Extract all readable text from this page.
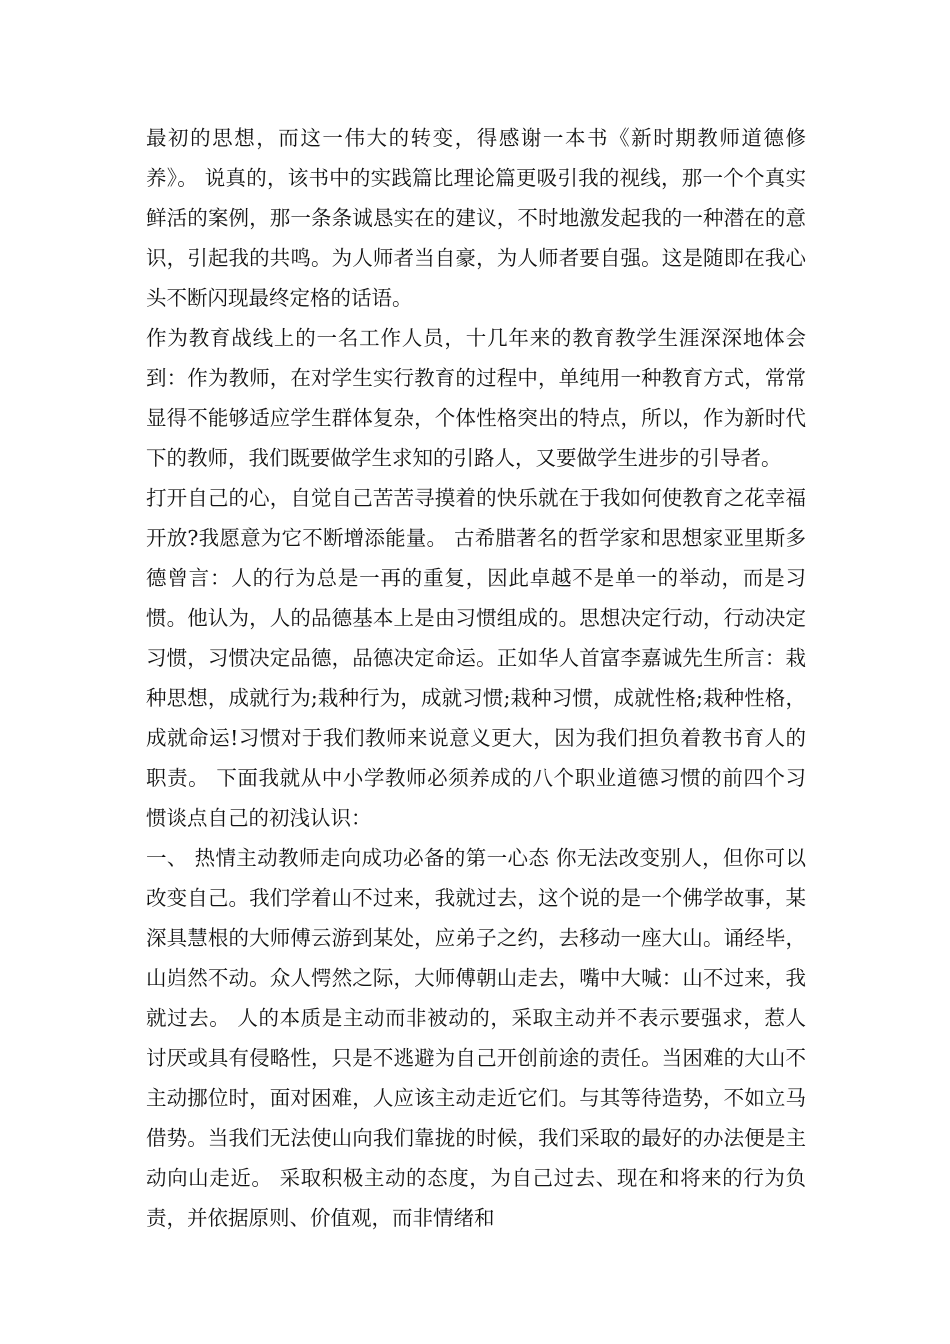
最初的思想，而这一伟大的转变，得感谢一本书《新时期教师道德修养》。 说真的，该书中的实践篇比理论篇更吸引我的视线，那一个个真实鲜活的案例，那一条条诚恳实在的建议，不时地激发起我的一种潜在的意识，引起我的共鸣。为人师者当自豪，为人师者要自强。这是随即在我心头不断闪现最终定格的话语。

作为教育战线上的一名工作人员，十几年来的教育教学生涯深深地体会到：作为教师，在对学生实行教育的过程中，单纯用一种教育方式，常常显得不能够适应学生群体复杂，个体性格突出的特点，所以，作为新时代下的教师，我们既要做学生求知的引路人，又要做学生进步的引导者。

打开自己的心，自觉自己苦苦寻摸着的快乐就在于我如何使教育之花幸福开放?我愿意为它不断增添能量。 古希腊著名的哲学家和思想家亚里斯多德曾言：人的行为总是一再的重复，因此卓越不是单一的举动，而是习惯。他认为，人的品德基本上是由习惯组成的。思想决定行动，行动决定习惯，习惯决定品德，品德决定命运。正如华人首富李嘉诚先生所言：栽种思想，成就行为;栽种行为，成就习惯;栽种习惯，成就性格;栽种性格，成就命运!习惯对于我们教师来说意义更大，因为我们担负着教书育人的职责。 下面我就从中小学教师必须养成的八个职业道德习惯的前四个习惯谈点自己的初浅认识：

一、 热情主动教师走向成功必备的第一心态 你无法改变别人，但你可以改变自己。我们学着山不过来，我就过去，这个说的是一个佛学故事，某深具慧根的大师傅云游到某处，应弟子之约，去移动一座大山。诵经毕，山岿然不动。众人愕然之际，大师傅朝山走去，嘴中大喊：山不过来，我就过去。 人的本质是主动而非被动的，采取主动并不表示要强求，惹人讨厌或具有侵略性，只是不逃避为自己开创前途的责任。当困难的大山不主动挪位时，面对困难，人应该主动走近它们。与其等待造势，不如立马借势。当我们无法使山向我们靠拢的时候，我们采取的最好的办法便是主动向山走近。 采取积极主动的态度，为自己过去、现在和将来的行为负责，并依据原则、价值观，而非情绪和
